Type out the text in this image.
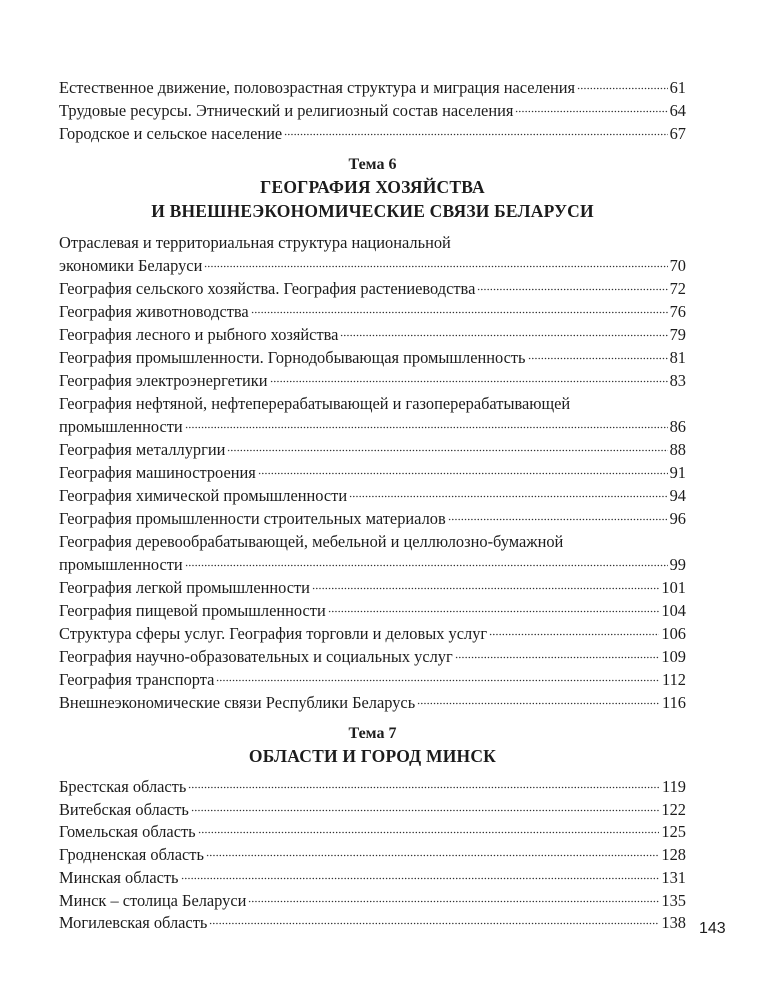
Естественное движение, половозрастная структура и миграция населения	61
Трудовые ресурсы. Этнический и религиозный состав населения	64
Городское и сельское население	67
Тема 6
ГЕОГРАФИЯ ХОЗЯЙСТВА
И ВНЕШНЕЭКОНОМИЧЕСКИЕ СВЯЗИ БЕЛАРУСИ
Отраслевая и территориальная структура национальной
экономики Беларуси	70
География сельского хозяйства. География растениеводства	72
География животноводства	76
География лесного и рыбного хозяйства	79
География промышленности. Горнодобывающая промышленность	81
География электроэнергетики	83
География нефтяной, нефтеперерабатывающей и газоперерабатывающей
промышленности	86
География металлургии	88
География машиностроения	91
География химической промышленности	94
География промышленности строительных материалов	96
География деревообрабатывающей, мебельной и целлюлозно-бумажной
промышленности	99
География легкой промышленности	101
География пищевой промышленности	104
Структура сферы услуг. География торговли и деловых услуг	106
География научно-образовательных и социальных услуг	109
География транспорта	112
Внешнеэкономические связи Республики Беларусь	116
Тема 7
ОБЛАСТИ И ГОРОД МИНСК
Брестская область	119
Витебская область	122
Гомельская область	125
Гродненская область	128
Минская область	131
Минск – столица Беларуси	135
Могилевская область	138 143
